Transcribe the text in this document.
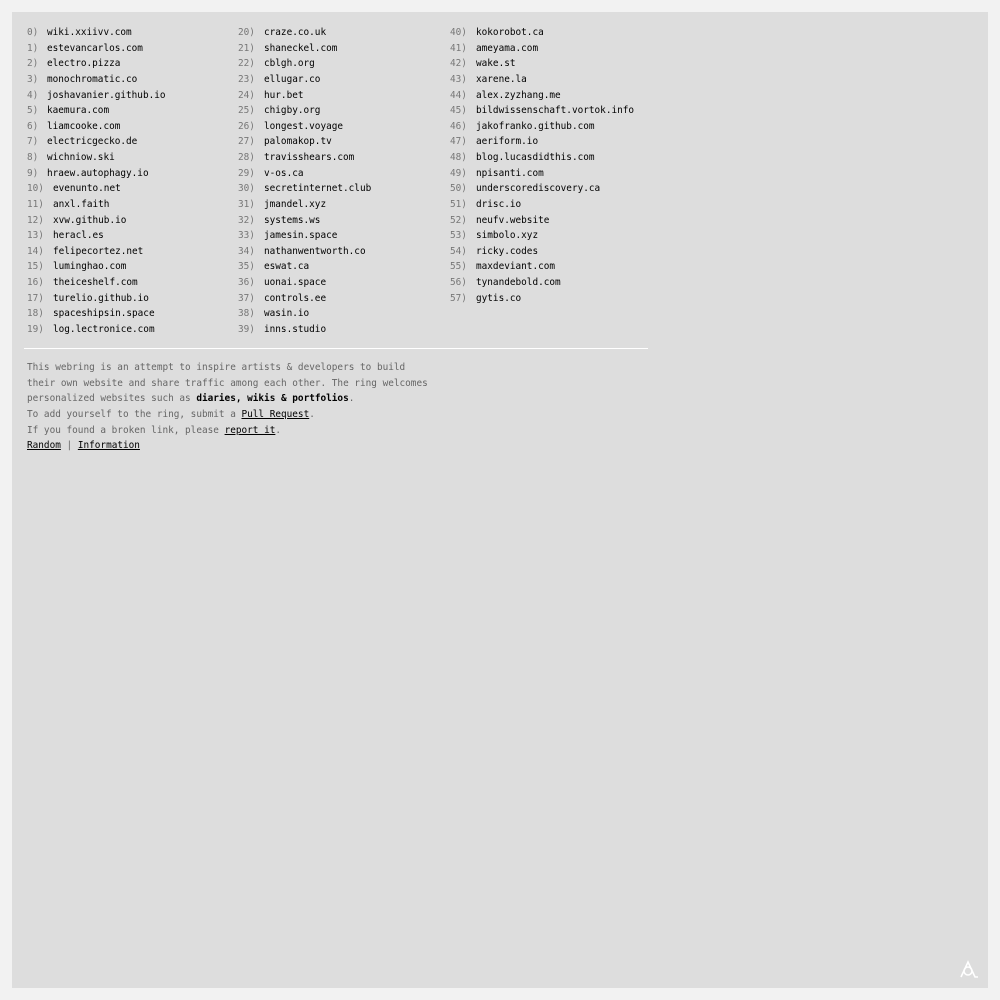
0) wiki.xxiivv.com
1) estevancarlos.com
2) electro.pizza
3) monochromatic.co
4) joshavanier.github.io
5) kaemura.com
6) liamcooke.com
7) electricgecko.de
8) wichniow.ski
9) hraew.autophagy.io
10) evenunto.net
11) anxl.faith
12) xvw.github.io
13) heracl.es
14) felipecortez.net
15) luminghao.com
16) theiceshelf.com
17) turelio.github.io
18) spaceshipsin.space
19) log.lectronice.com
20) craze.co.uk
21) shaneckel.com
22) cblgh.org
23) ellugar.co
24) hur.bet
25) chigby.org
26) longest.voyage
27) palomakop.tv
28) travisshears.com
29) v-os.ca
30) secretinternet.club
31) jmandel.xyz
32) systems.ws
33) jamesin.space
34) nathanwentworth.co
35) eswat.ca
36) uonai.space
37) controls.ee
38) wasin.io
39) inns.studio
40) kokorobot.ca
41) ameyama.com
42) wake.st
43) xarene.la
44) alex.zyzhang.me
45) bildwissenschaft.vortok.info
46) jakofranko.github.com
47) aeriform.io
48) blog.lucasdidthis.com
49) npisanti.com
50) underscorediscovery.ca
51) drisc.io
52) neufv.website
53) simbolo.xyz
54) ricky.codes
55) maxdeviant.com
56) tynandebold.com
57) gytis.co

This webring is an attempt to inspire artists & developers to build

their own website and share traffic among each other. The ring welcomes

personalized websites such as diaries, wikis & portfolios.

To add yourself to the ring, submit a Pull Request.

If you found a broken link, please report it.

Random | Information
